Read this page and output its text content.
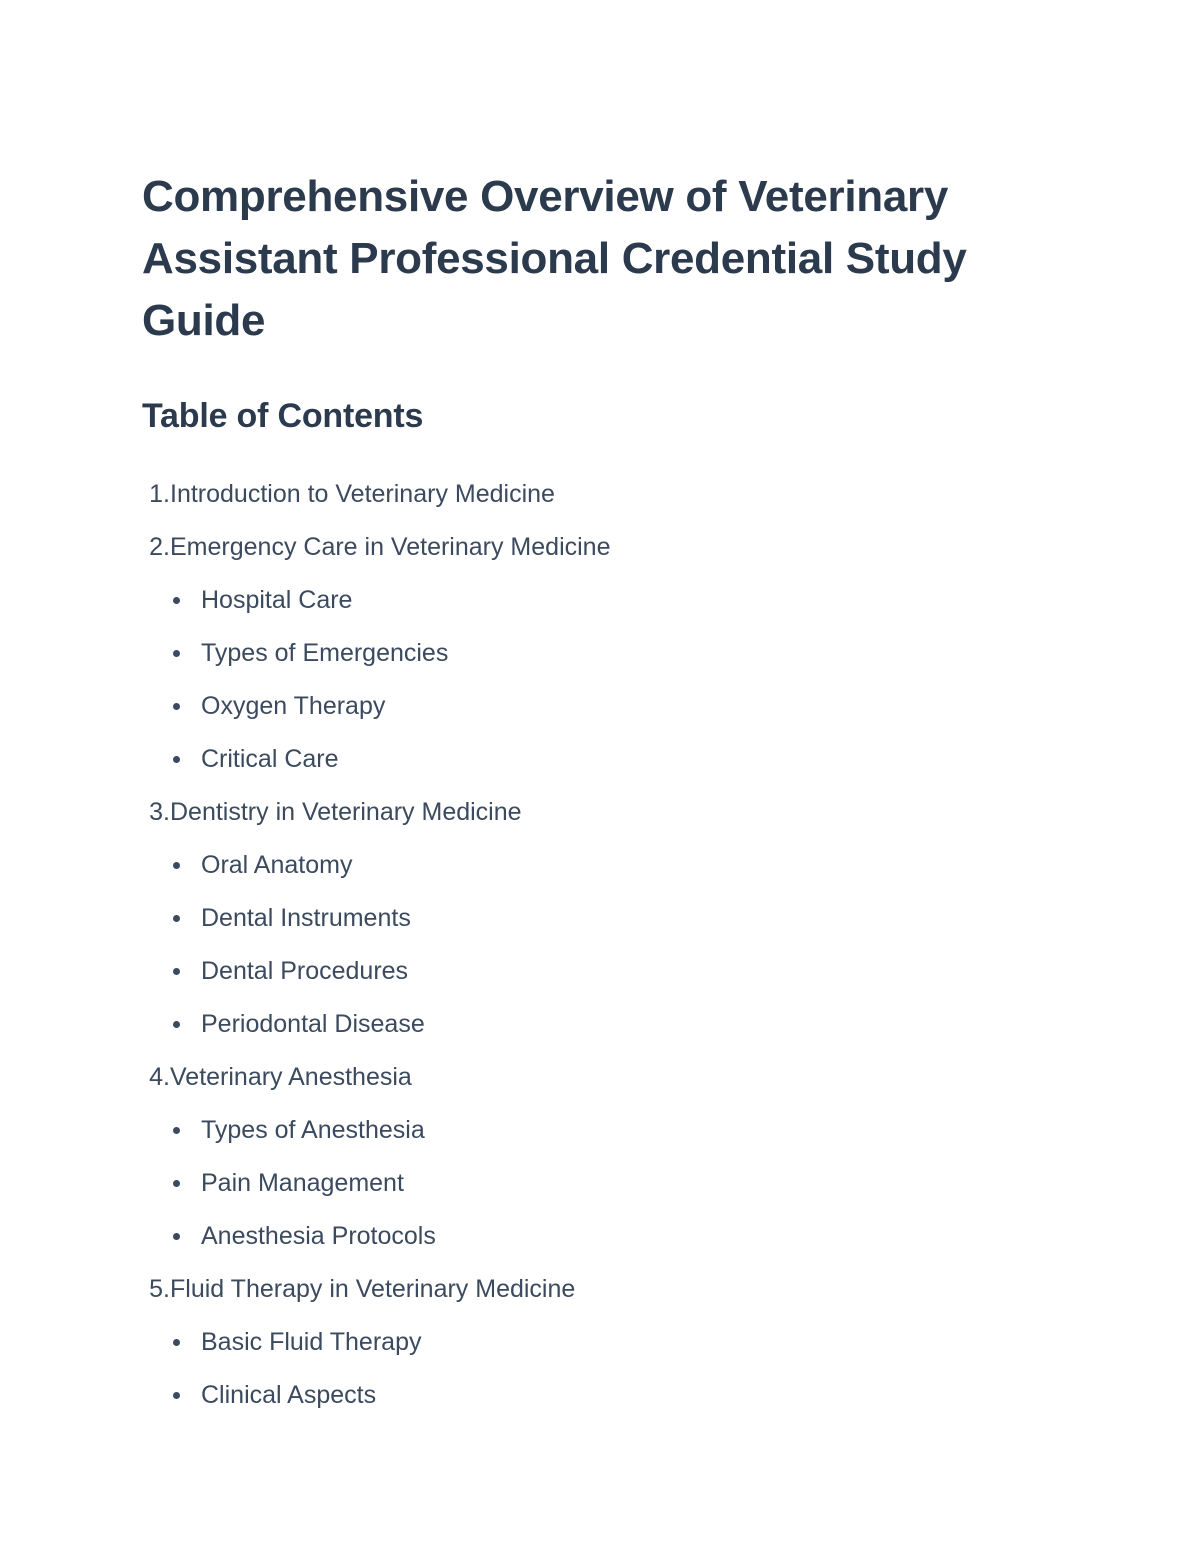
Comprehensive Overview of Veterinary Assistant Professional Credential Study Guide
Table of Contents
1. Introduction to Veterinary Medicine
2. Emergency Care in Veterinary Medicine
Hospital Care
Types of Emergencies
Oxygen Therapy
Critical Care
3. Dentistry in Veterinary Medicine
Oral Anatomy
Dental Instruments
Dental Procedures
Periodontal Disease
4. Veterinary Anesthesia
Types of Anesthesia
Pain Management
Anesthesia Protocols
5. Fluid Therapy in Veterinary Medicine
Basic Fluid Therapy
Clinical Aspects
